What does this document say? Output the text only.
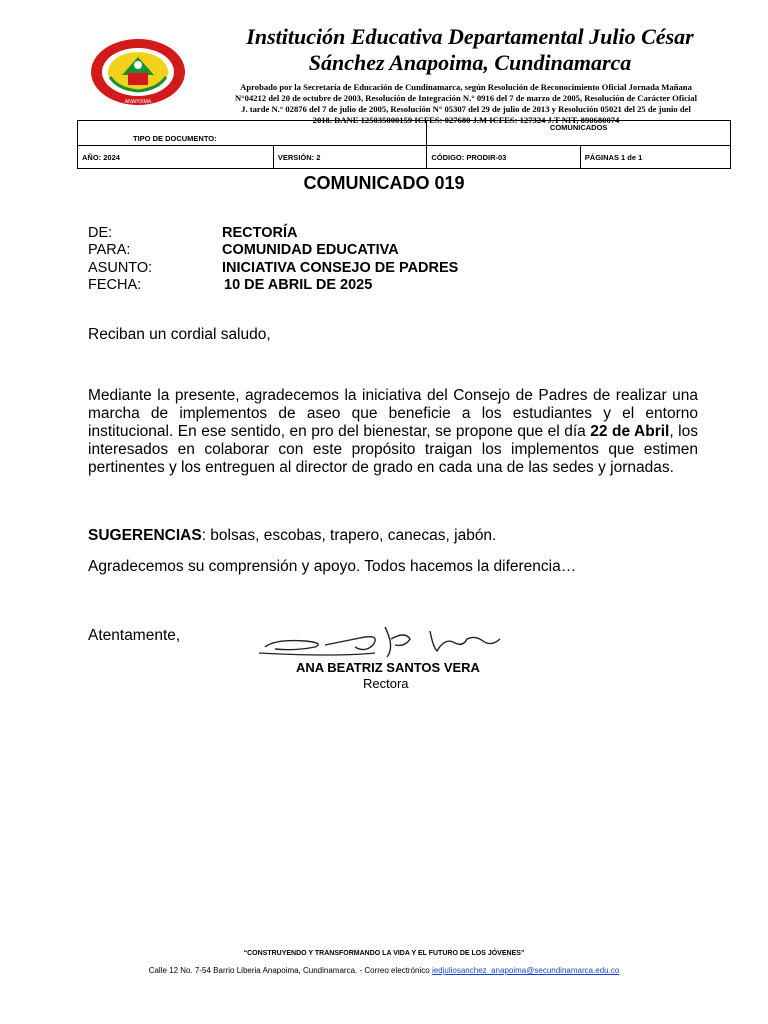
ANAPOIMA
Institución Educativa Departamental Julio César
Sánchez Anapoima, Cundinamarca
Aprobado por la Secretaría de Educación de Cundinamarca, según Resolución de Reconocimiento Oficial Jornada Mañana
N°04212 del 20 de octubre de 2003, Resolución de Integración N.° 0916 del 7 de marzo de 2005, Resolución de Carácter Oficial
J. tarde N.° 02876 del 7 de julio de 2005, Resolución N° 05307 del 29 de julio de 2013 y Resolución 05021 del 25 de junio del
2018. DANE 125035000159 ICFES: 027680 J.M ICFES: 127324 J.T NIT, 890680074
TIPO DE DOCUMENTO:		COMUNICADOS	
AÑO: 2024	VERSIÓN: 2	CÓDIGO: PRODIR-03	PÁGINAS 1 de 1
COMUNICADO 019
DE:	RECTORÍA
PARA:	COMUNIDAD EDUCATIVA
ASUNTO:	INICIATIVA CONSEJO DE PADRES
FECHA:	10 DE ABRIL DE 2025
Reciban un cordial saludo,
Mediante la presente, agradecemos la iniciativa del Consejo de Padres de realizar una marcha de implementos de aseo que beneficie a los estudiantes y el entorno institucional. En ese sentido, en pro del bienestar, se propone que el día 22 de Abril, los interesados en colaborar con este propósito traigan los implementos que estimen pertinentes y los entreguen al director de grado en cada una de las sedes y jornadas.
SUGERENCIAS: bolsas, escobas, trapero, canecas, jabón.
Agradecemos su comprensión y apoyo. Todos hacemos la diferencia…
Atentamente,
ANA BEATRIZ SANTOS VERA
Rectora
“CONSTRUYENDO Y TRANSFORMANDO LA VIDA Y EL FUTURO DE LOS JÓVENES”
Calle 12 No. 7-54 Barrio Liberia Anapoima, Cundinamarca. - Correo electrónico iedjuliosanchez_anapoima@secundinamarca.edu.co
